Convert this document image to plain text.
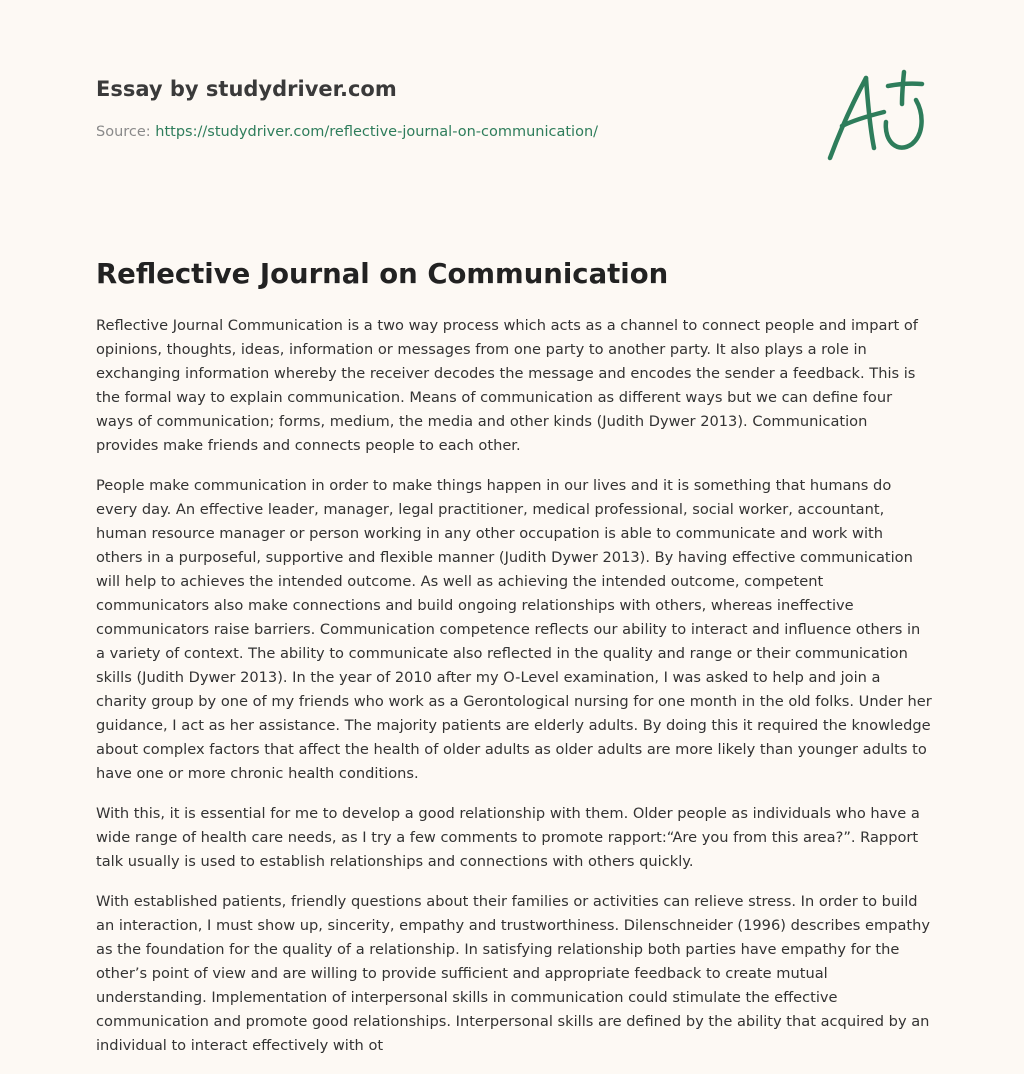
Essay by studydriver.com
Source: https://studydriver.com/reflective-journal-on-communication/
Reflective Journal on Communication

Reflective Journal Communication is a two way process which acts as a channel to connect people and impart of opinions, thoughts, ideas, information or messages from one party to another party. It also plays a role in exchanging information whereby the receiver decodes the message and encodes the sender a feedback. This is the formal way to explain communication. Means of communication as different ways but we can define four ways of communication; forms, medium, the media and other kinds (Judith Dywer 2013). Communication provides make friends and connects people to each other.

People make communication in order to make things happen in our lives and it is something that humans do every day. An effective leader, manager, legal practitioner, medical professional, social worker, accountant, human resource manager or person working in any other occupation is able to communicate and work with others in a purposeful, supportive and flexible manner (Judith Dywer 2013). By having effective communication will help to achieves the intended outcome. As well as achieving the intended outcome, competent communicators also make connections and build ongoing relationships with others, whereas ineffective communicators raise barriers. Communication competence reflects our ability to interact and influence others in a variety of context. The ability to communicate also reflected in the quality and range or their communication skills (Judith Dywer 2013). In the year of 2010 after my O-Level examination, I was asked to help and join a charity group by one of my friends who work as a Gerontological nursing for one month in the old folks. Under her guidance, I act as her assistance. The majority patients are elderly adults. By doing this it required the knowledge about complex factors that affect the health of older adults as older adults are more likely than younger adults to have one or more chronic health conditions.

With this, it is essential for me to develop a good relationship with them. Older people as individuals who have a wide range of health care needs, as I try a few comments to promote rapport:“Are you from this area?”. Rapport talk usually is used to establish relationships and connections with others quickly.

With established patients, friendly questions about their families or activities can relieve stress. In order to build an interaction, I must show up, sincerity, empathy and trustworthiness. Dilenschneider (1996) describes empathy as the foundation for the quality of a relationship. In satisfying relationship both parties have empathy for the other’s point of view and are willing to provide sufficient and appropriate feedback to create mutual understanding. Implementation of interpersonal skills in communication could stimulate the effective communication and promote good relationships. Interpersonal skills are defined by the ability that acquired by an individual to interact effectively with ot
